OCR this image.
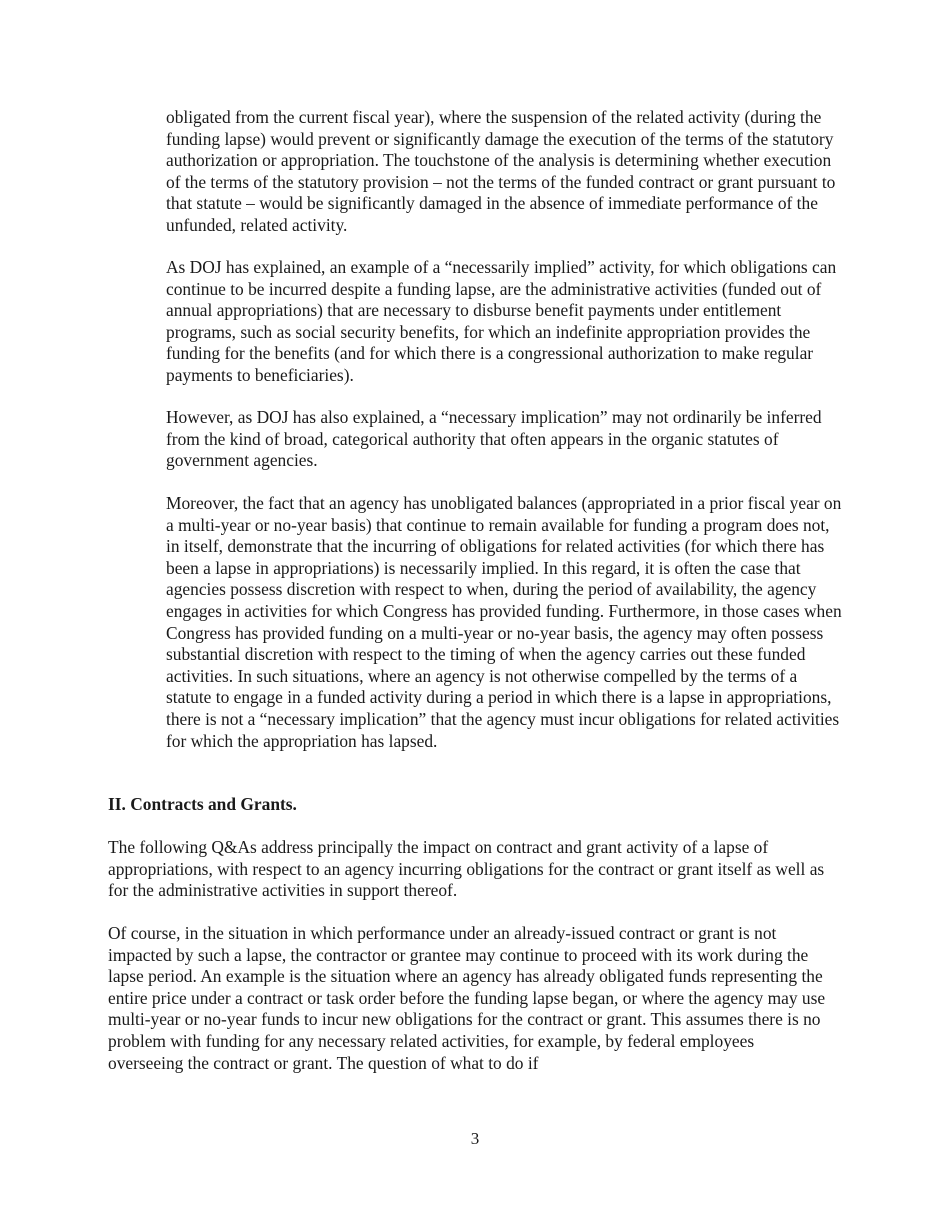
obligated from the current fiscal year), where the suspension of the related activity (during the funding lapse) would prevent or significantly damage the execution of the terms of the statutory authorization or appropriation. The touchstone of the analysis is determining whether execution of the terms of the statutory provision – not the terms of the funded contract or grant pursuant to that statute – would be significantly damaged in the absence of immediate performance of the unfunded, related activity.

As DOJ has explained, an example of a “necessarily implied” activity, for which obligations can continue to be incurred despite a funding lapse, are the administrative activities (funded out of annual appropriations) that are necessary to disburse benefit payments under entitlement programs, such as social security benefits, for which an indefinite appropriation provides the funding for the benefits (and for which there is a congressional authorization to make regular payments to beneficiaries).

However, as DOJ has also explained, a “necessary implication” may not ordinarily be inferred from the kind of broad, categorical authority that often appears in the organic statutes of government agencies.

Moreover, the fact that an agency has unobligated balances (appropriated in a prior fiscal year on a multi-year or no-year basis) that continue to remain available for funding a program does not, in itself, demonstrate that the incurring of obligations for related activities (for which there has been a lapse in appropriations) is necessarily implied. In this regard, it is often the case that agencies possess discretion with respect to when, during the period of availability, the agency engages in activities for which Congress has provided funding. Furthermore, in those cases when Congress has provided funding on a multi-year or no-year basis, the agency may often possess substantial discretion with respect to the timing of when the agency carries out these funded activities. In such situations, where an agency is not otherwise compelled by the terms of a statute to engage in a funded activity during a period in which there is a lapse in appropriations, there is not a “necessary implication” that the agency must incur obligations for related activities for which the appropriation has lapsed.

II. Contracts and Grants.

The following Q&As address principally the impact on contract and grant activity of a lapse of appropriations, with respect to an agency incurring obligations for the contract or grant itself as well as for the administrative activities in support thereof.

Of course, in the situation in which performance under an already-issued contract or grant is not impacted by such a lapse, the contractor or grantee may continue to proceed with its work during the lapse period. An example is the situation where an agency has already obligated funds representing the entire price under a contract or task order before the funding lapse began, or where the agency may use multi-year or no-year funds to incur new obligations for the contract or grant. This assumes there is no problem with funding for any necessary related activities, for example, by federal employees overseeing the contract or grant. The question of what to do if

3
